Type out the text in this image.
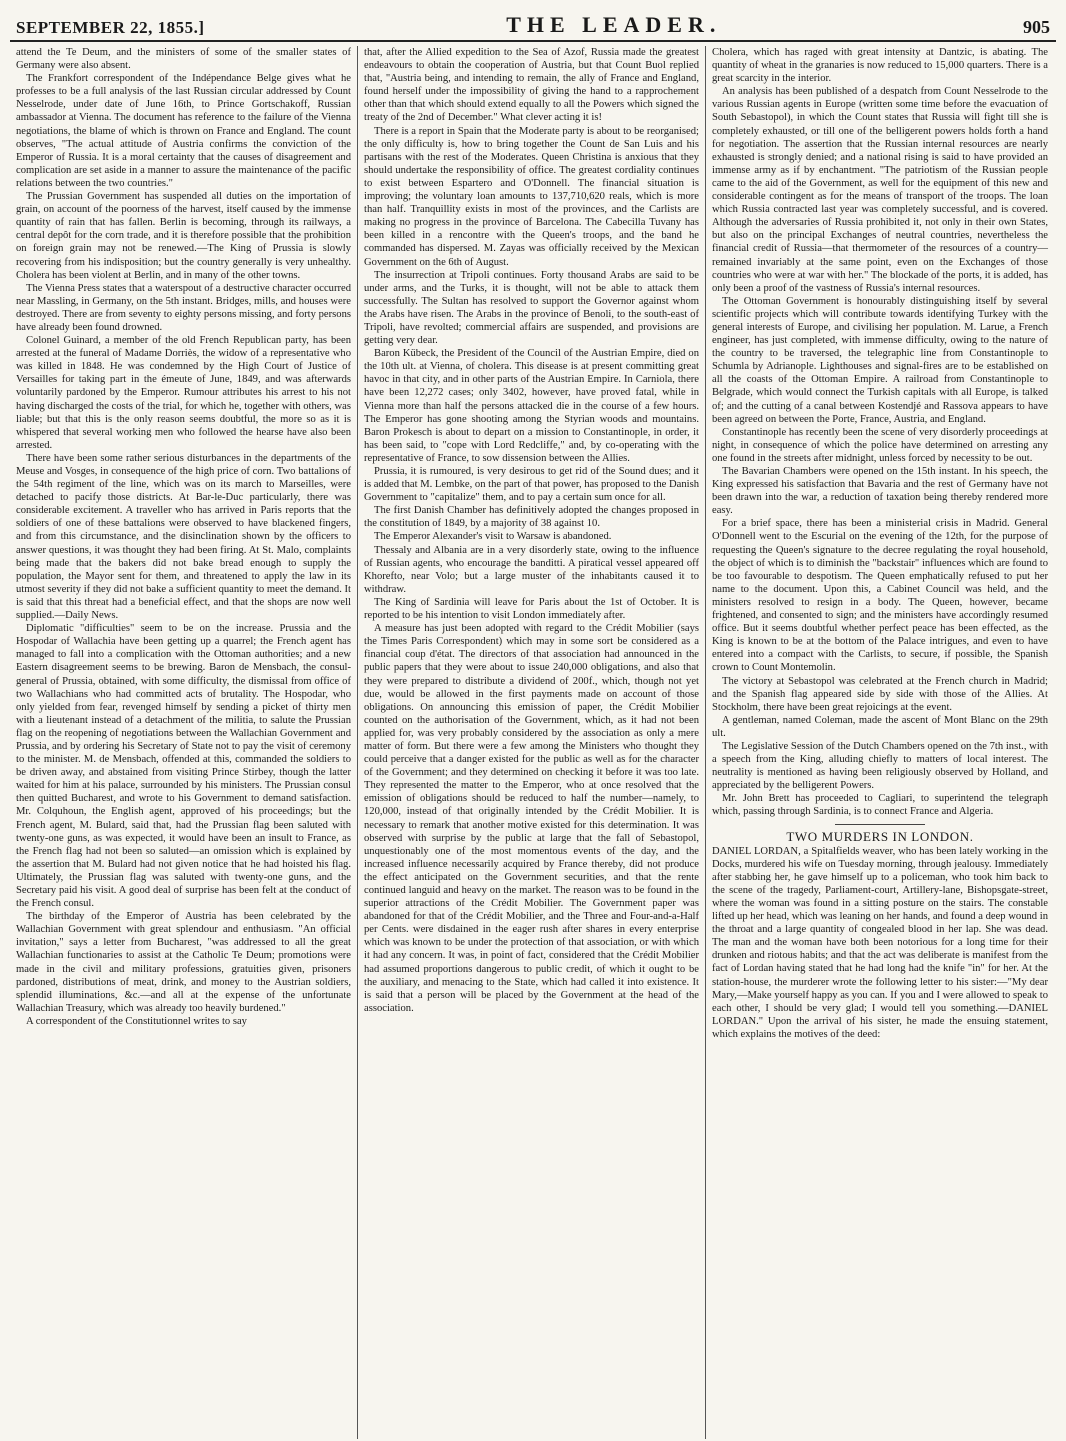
SEPTEMBER 22, 1855.]	THE LEADER.	905

attend the Te Deum, and the ministers of some of the smaller states of Germany were also absent.

The Frankfort correspondent of the Indépendance Belge gives what he professes to be a full analysis of the last Russian circular addressed by Count Nesselrode, under date of June 16th, to Prince Gortschakoff, Russian ambassador at Vienna. The document has reference to the failure of the Vienna negotiations, the blame of which is thrown on France and England. The count observes, "The actual attitude of Austria confirms the conviction of the Emperor of Russia. It is a moral certainty that the causes of disagreement and complication are set aside in a manner to assure the maintenance of the pacific relations between the two countries."

The Prussian Government has suspended all duties on the importation of grain, on account of the poorness of the harvest, itself caused by the immense quantity of rain that has fallen. Berlin is becoming, through its railways, a central depôt for the corn trade, and it is therefore possible that the prohibition on foreign grain may not be renewed.—The King of Prussia is slowly recovering from his indisposition; but the country generally is very unhealthy. Cholera has been violent at Berlin, and in many of the other towns.

The Vienna Press states that a waterspout of a destructive character occurred near Massling, in Germany, on the 5th instant. Bridges, mills, and houses were destroyed. There are from seventy to eighty persons missing, and forty persons have already been found drowned.

Colonel Guinard, a member of the old French Republican party, has been arrested at the funeral of Madame Dorriès, the widow of a representative who was killed in 1848. He was condemned by the High Court of Justice of Versailles for taking part in the émeute of June, 1849, and was afterwards voluntarily pardoned by the Emperor. Rumour attributes his arrest to his not having discharged the costs of the trial, for which he, together with others, was liable; but that this is the only reason seems doubtful, the more so as it is whispered that several working men who followed the hearse have also been arrested.

There have been some rather serious disturbances in the departments of the Meuse and Vosges, in consequence of the high price of corn. Two battalions of the 54th regiment of the line, which was on its march to Marseilles, were detached to pacify those districts. At Bar-le-Duc particularly, there was considerable excitement. A traveller who has arrived in Paris reports that the soldiers of one of these battalions were observed to have blackened fingers, and from this circumstance, and the disinclination shown by the officers to answer questions, it was thought they had been firing. At St. Malo, complaints being made that the bakers did not bake bread enough to supply the population, the Mayor sent for them, and threatened to apply the law in its utmost severity if they did not bake a sufficient quantity to meet the demand. It is said that this threat had a beneficial effect, and that the shops are now well supplied.—Daily News.

Diplomatic "difficulties" seem to be on the increase. Prussia and the Hospodar of Wallachia have been getting up a quarrel; the French agent has managed to fall into a complication with the Ottoman authorities; and a new Eastern disagreement seems to be brewing. Baron de Mensbach, the consul-general of Prussia, obtained, with some difficulty, the dismissal from office of two Wallachians who had committed acts of brutality. The Hospodar, who only yielded from fear, revenged himself by sending a picket of thirty men with a lieutenant instead of a detachment of the militia, to salute the Prussian flag on the reopening of negotiations between the Wallachian Government and Prussia, and by ordering his Secretary of State not to pay the visit of ceremony to the minister. M. de Mensbach, offended at this, commanded the soldiers to be driven away, and abstained from visiting Prince Stirbey, though the latter waited for him at his palace, surrounded by his ministers. The Prussian consul then quitted Bucharest, and wrote to his Government to demand satisfaction. Mr. Colquhoun, the English agent, approved of his proceedings; but the French agent, M. Bulard, said that, had the Prussian flag been saluted with twenty-one guns, as was expected, it would have been an insult to France, as the French flag had not been so saluted—an omission which is explained by the assertion that M. Bulard had not given notice that he had hoisted his flag. Ultimately, the Prussian flag was saluted with twenty-one guns, and the Secretary paid his visit. A good deal of surprise has been felt at the conduct of the French consul.

The birthday of the Emperor of Austria has been celebrated by the Wallachian Government with great splendour and enthusiasm. "An official invitation," says a letter from Bucharest, "was addressed to all the great Wallachian functionaries to assist at the Catholic Te Deum; promotions were made in the civil and military professions, gratuities given, prisoners pardoned, distributions of meat, drink, and money to the Austrian soldiers, splendid illuminations, &c.—and all at the expense of the unfortunate Wallachian Treasury, which was already too heavily burdened."

A correspondent of the Constitutionnel writes to say

that, after the Allied expedition to the Sea of Azof, Russia made the greatest endeavours to obtain the cooperation of Austria, but that Count Buol replied that, "Austria being, and intending to remain, the ally of France and England, found herself under the impossibility of giving the hand to a rapprochement other than that which should extend equally to all the Powers which signed the treaty of the 2nd of December." What clever acting it is!

There is a report in Spain that the Moderate party is about to be reorganised; the only difficulty is, how to bring together the Count de San Luis and his partisans with the rest of the Moderates. Queen Christina is anxious that they should undertake the responsibility of office. The greatest cordiality continues to exist between Espartero and O'Donnell. The financial situation is improving; the voluntary loan amounts to 137,710,620 reals, which is more than half. Tranquillity exists in most of the provinces, and the Carlists are making no progress in the province of Barcelona. The Cabecilla Tuvany has been killed in a rencontre with the Queen's troops, and the band he commanded has dispersed. M. Zayas was officially received by the Mexican Government on the 6th of August.

The insurrection at Tripoli continues. Forty thousand Arabs are said to be under arms, and the Turks, it is thought, will not be able to attack them successfully. The Sultan has resolved to support the Governor against whom the Arabs have risen. The Arabs in the province of Benoli, to the south-east of Tripoli, have revolted; commercial affairs are suspended, and provisions are getting very dear.

Baron Kübeck, the President of the Council of the Austrian Empire, died on the 10th ult. at Vienna, of cholera. This disease is at present committing great havoc in that city, and in other parts of the Austrian Empire. In Carniola, there have been 12,272 cases; only 3402, however, have proved fatal, while in Vienna more than half the persons attacked die in the course of a few hours. The Emperor has gone shooting among the Styrian woods and mountains. Baron Prokesch is about to depart on a mission to Constantinople, in order, it has been said, to "cope with Lord Redcliffe," and, by co-operating with the representative of France, to sow dissension between the Allies.

Prussia, it is rumoured, is very desirous to get rid of the Sound dues; and it is added that M. Lembke, on the part of that power, has proposed to the Danish Government to "capitalize" them, and to pay a certain sum once for all.

The first Danish Chamber has definitively adopted the changes proposed in the constitution of 1849, by a majority of 38 against 10.

The Emperor Alexander's visit to Warsaw is abandoned.

Thessaly and Albania are in a very disorderly state, owing to the influence of Russian agents, who encourage the banditti. A piratical vessel appeared off Khorefto, near Volo; but a large muster of the inhabitants caused it to withdraw.

The King of Sardinia will leave for Paris about the 1st of October. It is reported to be his intention to visit London immediately after.

A measure has just been adopted with regard to the Crédit Mobilier (says the Times Paris Correspondent) which may in some sort be considered as a financial coup d'état. The directors of that association had announced in the public papers that they were about to issue 240,000 obligations, and also that they were prepared to distribute a dividend of 200f., which, though not yet due, would be allowed in the first payments made on account of those obligations. On announcing this emission of paper, the Crédit Mobilier counted on the authorisation of the Government, which, as it had not been applied for, was very probably considered by the association as only a mere matter of form. But there were a few among the Ministers who thought they could perceive that a danger existed for the public as well as for the character of the Government; and they determined on checking it before it was too late. They represented the matter to the Emperor, who at once resolved that the emission of obligations should be reduced to half the number—namely, to 120,000, instead of that originally intended by the Crédit Mobilier. It is necessary to remark that another motive existed for this determination. It was observed with surprise by the public at large that the fall of Sebastopol, unquestionably one of the most momentous events of the day, and the increased influence necessarily acquired by France thereby, did not produce the effect anticipated on the Government securities, and that the rente continued languid and heavy on the market. The reason was to be found in the superior attractions of the Crédit Mobilier. The Government paper was abandoned for that of the Crédit Mobilier, and the Three and Four-and-a-Half per Cents. were disdained in the eager rush after shares in every enterprise which was known to be under the protection of that association, or with which it had any concern. It was, in point of fact, considered that the Crédit Mobilier had assumed proportions dangerous to public credit, of which it ought to be the auxiliary, and menacing to the State, which had called it into existence. It is said that a person will be placed by the Government at the head of the association.

Cholera, which has raged with great intensity at Dantzic, is abating. The quantity of wheat in the granaries is now reduced to 15,000 quarters. There is a great scarcity in the interior.

An analysis has been published of a despatch from Count Nesselrode to the various Russian agents in Europe (written some time before the evacuation of South Sebastopol), in which the Count states that Russia will fight till she is completely exhausted, or till one of the belligerent powers holds forth a hand for negotiation. The assertion that the Russian internal resources are nearly exhausted is strongly denied; and a national rising is said to have provided an immense army as if by enchantment. "The patriotism of the Russian people came to the aid of the Government, as well for the equipment of this new and considerable contingent as for the means of transport of the troops. The loan which Russia contracted last year was completely successful, and is covered. Although the adversaries of Russia prohibited it, not only in their own States, but also on the principal Exchanges of neutral countries, nevertheless the financial credit of Russia—that thermometer of the resources of a country—remained invariably at the same point, even on the Exchanges of those countries who were at war with her." The blockade of the ports, it is added, has only been a proof of the vastness of Russia's internal resources.

The Ottoman Government is honourably distinguishing itself by several scientific projects which will contribute towards identifying Turkey with the general interests of Europe, and civilising her population. M. Larue, a French engineer, has just completed, with immense difficulty, owing to the nature of the country to be traversed, the telegraphic line from Constantinople to Schumla by Adrianople. Lighthouses and signal-fires are to be established on all the coasts of the Ottoman Empire. A railroad from Constantinople to Belgrade, which would connect the Turkish capitals with all Europe, is talked of; and the cutting of a canal between Kostendjé and Rassova appears to have been agreed on between the Porte, France, Austria, and England.

Constantinople has recently been the scene of very disorderly proceedings at night, in consequence of which the police have determined on arresting any one found in the streets after midnight, unless forced by necessity to be out.

The Bavarian Chambers were opened on the 15th instant. In his speech, the King expressed his satisfaction that Bavaria and the rest of Germany have not been drawn into the war, a reduction of taxation being thereby rendered more easy.

For a brief space, there has been a ministerial crisis in Madrid. General O'Donnell went to the Escurial on the evening of the 12th, for the purpose of requesting the Queen's signature to the decree regulating the royal household, the object of which is to diminish the "backstair" influences which are found to be too favourable to despotism. The Queen emphatically refused to put her name to the document. Upon this, a Cabinet Council was held, and the ministers resolved to resign in a body. The Queen, however, became frightened, and consented to sign; and the ministers have accordingly resumed office. But it seems doubtful whether perfect peace has been effected, as the King is known to be at the bottom of the Palace intrigues, and even to have entered into a compact with the Carlists, to secure, if possible, the Spanish crown to Count Montemolin.

The victory at Sebastopol was celebrated at the French church in Madrid; and the Spanish flag appeared side by side with those of the Allies. At Stockholm, there have been great rejoicings at the event.

A gentleman, named Coleman, made the ascent of Mont Blanc on the 29th ult.

The Legislative Session of the Dutch Chambers opened on the 7th inst., with a speech from the King, alluding chiefly to matters of local interest. The neutrality is mentioned as having been religiously observed by Holland, and appreciated by the belligerent Powers.

Mr. John Brett has proceeded to Cagliari, to superintend the telegraph which, passing through Sardinia, is to connect France and Algeria.

TWO MURDERS IN LONDON.

DANIEL LORDAN, a Spitalfields weaver, who has been lately working in the Docks, murdered his wife on Tuesday morning, through jealousy. Immediately after stabbing her, he gave himself up to a policeman, who took him back to the scene of the tragedy, Parliament-court, Artillery-lane, Bishopsgate-street, where the woman was found in a sitting posture on the stairs. The constable lifted up her head, which was leaning on her hands, and found a deep wound in the throat and a large quantity of congealed blood in her lap. She was dead. The man and the woman have both been notorious for a long time for their drunken and riotous habits; and that the act was deliberate is manifest from the fact of Lordan having stated that he had long had the knife "in" for her. At the station-house, the murderer wrote the following letter to his sister:—"My dear Mary,—Make yourself happy as you can. If you and I were allowed to speak to each other, I should be very glad; I would tell you something.—DANIEL LORDAN." Upon the arrival of his sister, he made the ensuing statement, which explains the motives of the deed:
